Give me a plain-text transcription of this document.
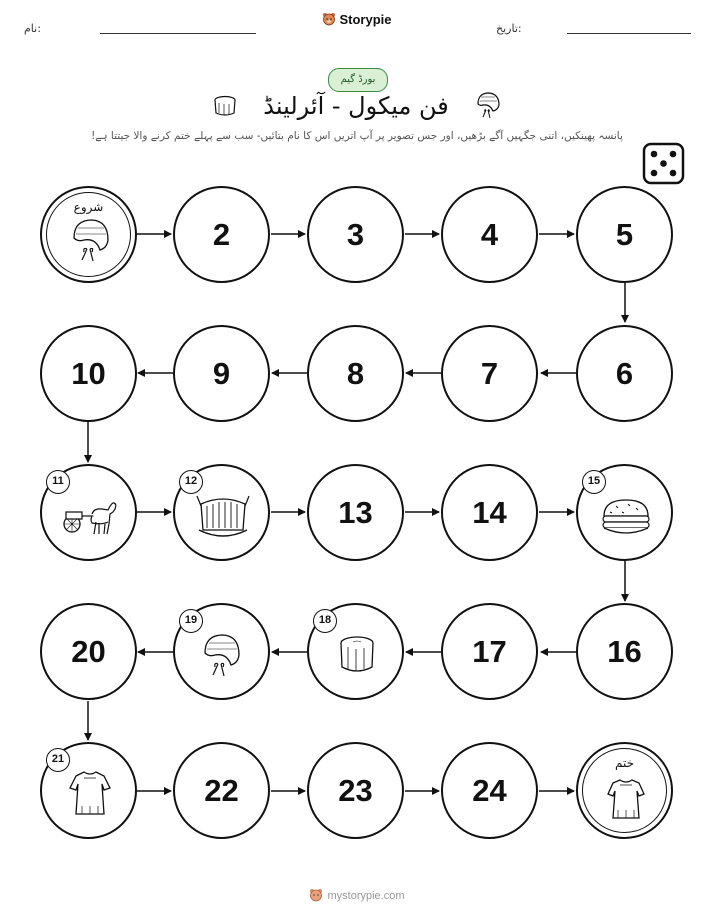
نام:
Storypie
تاریخ:
بورڈ گیم
فن میکول - آئرلینڈ
پانسہ پھینکیں، اتنی جگہیں آگے بڑھیں، اور جس تصویر پر آپ اتریں اس کا نام بتائیں- سب سے پہلے ختم کرنے والا جیتتا ہے!
شروع
2	3	4	5
10	9	8	7	6
11	12
13	14
15
20
19	18
17	16
21
22	23	24
ختم
mystorypie.com
